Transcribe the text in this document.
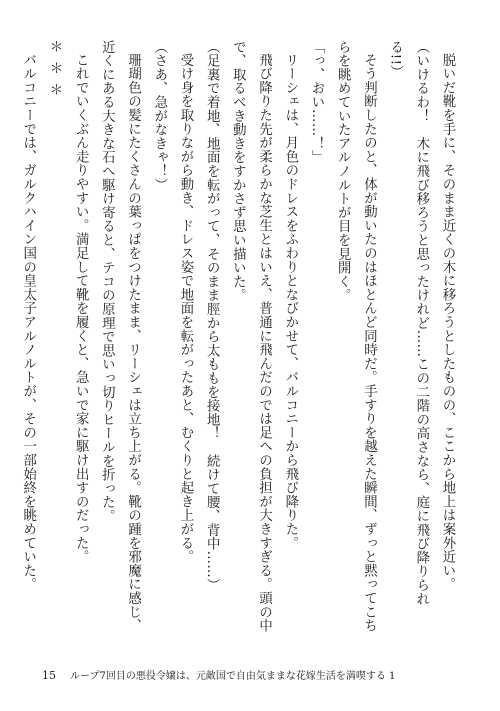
脱いだ靴を手に、そのまま近くの木に移ろうとしたものの、ここから地上は案外近い。

（いけるわ！　木に飛び移ろうと思ったけれど……この二階の高さなら、庭に飛び降りられる!!）

そう判断したのと、体が動いたのはほとんど同時だ。手すりを越えた瞬間、ずっと黙ってこちらを眺めていたアルノルトが目を見開く。

「っ、おい……！」

リーシェは、月色のドレスをふわりとなびかせて、バルコニーから飛び降りた。

飛び降りた先が柔らかな芝生とはいえ、普通に飛んだのでは足への負担が大きすぎる。頭の中で、取るべき動きをすかさず思い描いた。

（足裏で着地、地面を転がって、そのまま脛から太ももを接地！　続けて腰、背中……）

受け身を取りながら動き、ドレス姿で地面を転がったあと、むくりと起き上がる。

（さあ、急がなきゃ！）

珊瑚色の髪にたくさんの葉っぱをつけたまま、リーシェは立ち上がる。靴の踵を邪魔に感じ、近くにある大きな石へ駆け寄ると、テコの原理で思いっ切りヒールを折った。

これでいくぶん走りやすい。満足して靴を履くと、急いで家に駆け出すのだった。

＊＊＊

バルコニーでは、ガルクハイン国の皇太子アルノルトが、その一部始終を眺めていた。

15 ループ7回目の悪役令嬢は、元敵国で自由気ままな花嫁生活を満喫する 1
